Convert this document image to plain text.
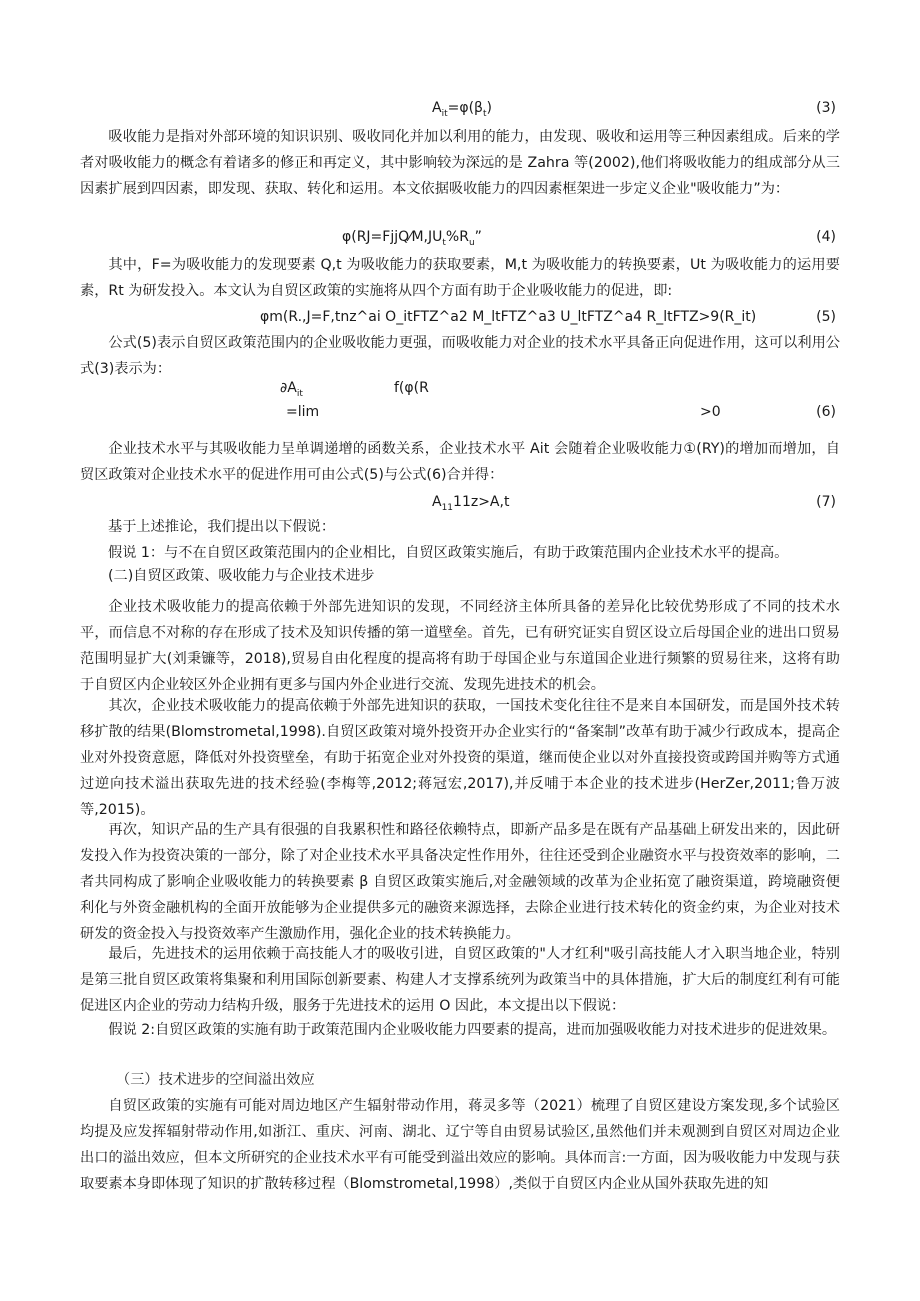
$A_{it}=\varphi(\beta_t)$	(3)

吸收能力是指对外部环境的知识识别、吸收同化并加以利用的能力，由发现、吸收和运用等三种因素组成。后来的学者对吸收能力的概念有着诸多的修正和再定义，其中影响较为深远的是 Zahra 等(2002),他们将吸收能力的组成部分从三因素扩展到四因素，即发现、获取、转化和运用。本文依据吸收能力的四因素框架进一步定义企业"吸收能力”为：

$\varphi(RJ=FjjQ⁄M,JU_t\%R_u$”	(4)

其中，F=为吸收能力的发现要素 Q,t 为吸收能力的获取要素，M,t 为吸收能力的转换要素，Ut 为吸收能力的运用要素，Rt 为研发投入。本文认为自贸区政策的实施将从四个方面有助于企业吸收能力的促进，即:

φm(R.,J=F,tnz^ai O_itFTZ^a2 M_ltFTZ^a3 U_ltFTZ^a4 R_ltFTZ>9(R_it)	(5)

公式(5)表示自贸区政策范围内的企业吸收能力更强，而吸收能力对企业的技术水平具备正向促进作用，这可以利用公式(3)表示为：

$\partial A_{it}$	f(φ(R
=lim	>0	(6)

企业技术水平与其吸收能力呈单调递增的函数关系，企业技术水平 Ait 会随着企业吸收能力①(RY)的增加而增加，自贸区政策对企业技术水平的促进作用可由公式(5)与公式(6)合并得：

$A_{11}11z>A,t$	(7)
基于上述推论，我们提出以下假说：
假说 1：与不在自贸区政策范围内的企业相比，自贸区政策实施后，有助于政策范围内企业技术水平的提高。
(二)自贸区政策、吸收能力与企业技术进步

企业技术吸收能力的提高依赖于外部先进知识的发现，不同经济主体所具备的差异化比较优势形成了不同的技术水平，而信息不对称的存在形成了技术及知识传播的第一道壁垒。首先，已有研究证实自贸区设立后母国企业的进出口贸易范围明显扩大(刘秉镰等，2018),贸易自由化程度的提高将有助于母国企业与东道国企业进行频繁的贸易往来，这将有助于自贸区内企业较区外企业拥有更多与国内外企业进行交流、发现先进技术的机会。

其次，企业技术吸收能力的提高依赖于外部先进知识的获取，一国技术变化往往不是来自本国研发，而是国外技术转移扩散的结果(Blomstrometal,1998).自贸区政策对境外投资开办企业实行的“备案制”改革有助于减少行政成本，提高企业对外投资意愿，降低对外投资壁垒，有助于拓宽企业对外投资的渠道，继而使企业以对外直接投资或跨国并购等方式通过逆向技术溢出获取先进的技术经验(李梅等,2012;蒋冠宏,2017),并反哺于本企业的技术进步(HerZer,2011;鲁万波等,2015)。

再次，知识产品的生产具有很强的自我累积性和路径依赖特点，即新产品多是在既有产品基础上研发出来的，因此研发投入作为投资决策的一部分，除了对企业技术水平具备决定性作用外，往往还受到企业融资水平与投资效率的影响，二者共同构成了影响企业吸收能力的转换要素 β 自贸区政策实施后,对金融领域的改革为企业拓宽了融资渠道，跨境融资便利化与外资金融机构的全面开放能够为企业提供多元的融资来源选择，去除企业进行技术转化的资金约束，为企业对技术研发的资金投入与投资效率产生激励作用，强化企业的技术转换能力。

最后，先进技术的运用依赖于高技能人才的吸收引进，自贸区政策的"人才红利"吸引高技能人才入职当地企业，特别是第三批自贸区政策将集聚和利用国际创新要素、构建人才支撑系统列为政策当中的具体措施，扩大后的制度红利有可能促进区内企业的劳动力结构升级，服务于先进技术的运用 O 因此，本文提出以下假说：

假说 2:自贸区政策的实施有助于政策范围内企业吸收能力四要素的提高，进而加强吸收能力对技术进步的促进效果。

（三）技术进步的空间溢出效应

自贸区政策的实施有可能对周边地区产生辐射带动作用，蒋灵多等（2021）梳理了自贸区建设方案发现,多个试验区均提及应发挥辐射带动作用,如浙江、重庆、河南、湖北、辽宁等自由贸易试验区,虽然他们并未观测到自贸区对周边企业出口的溢出效应，但本文所研究的企业技术水平有可能受到溢出效应的影响。具体而言:一方面，因为吸收能力中发现与获取要素本身即体现了知识的扩散转移过程（Blomstrometal,1998）,类似于自贸区内企业从国外获取先进的知
